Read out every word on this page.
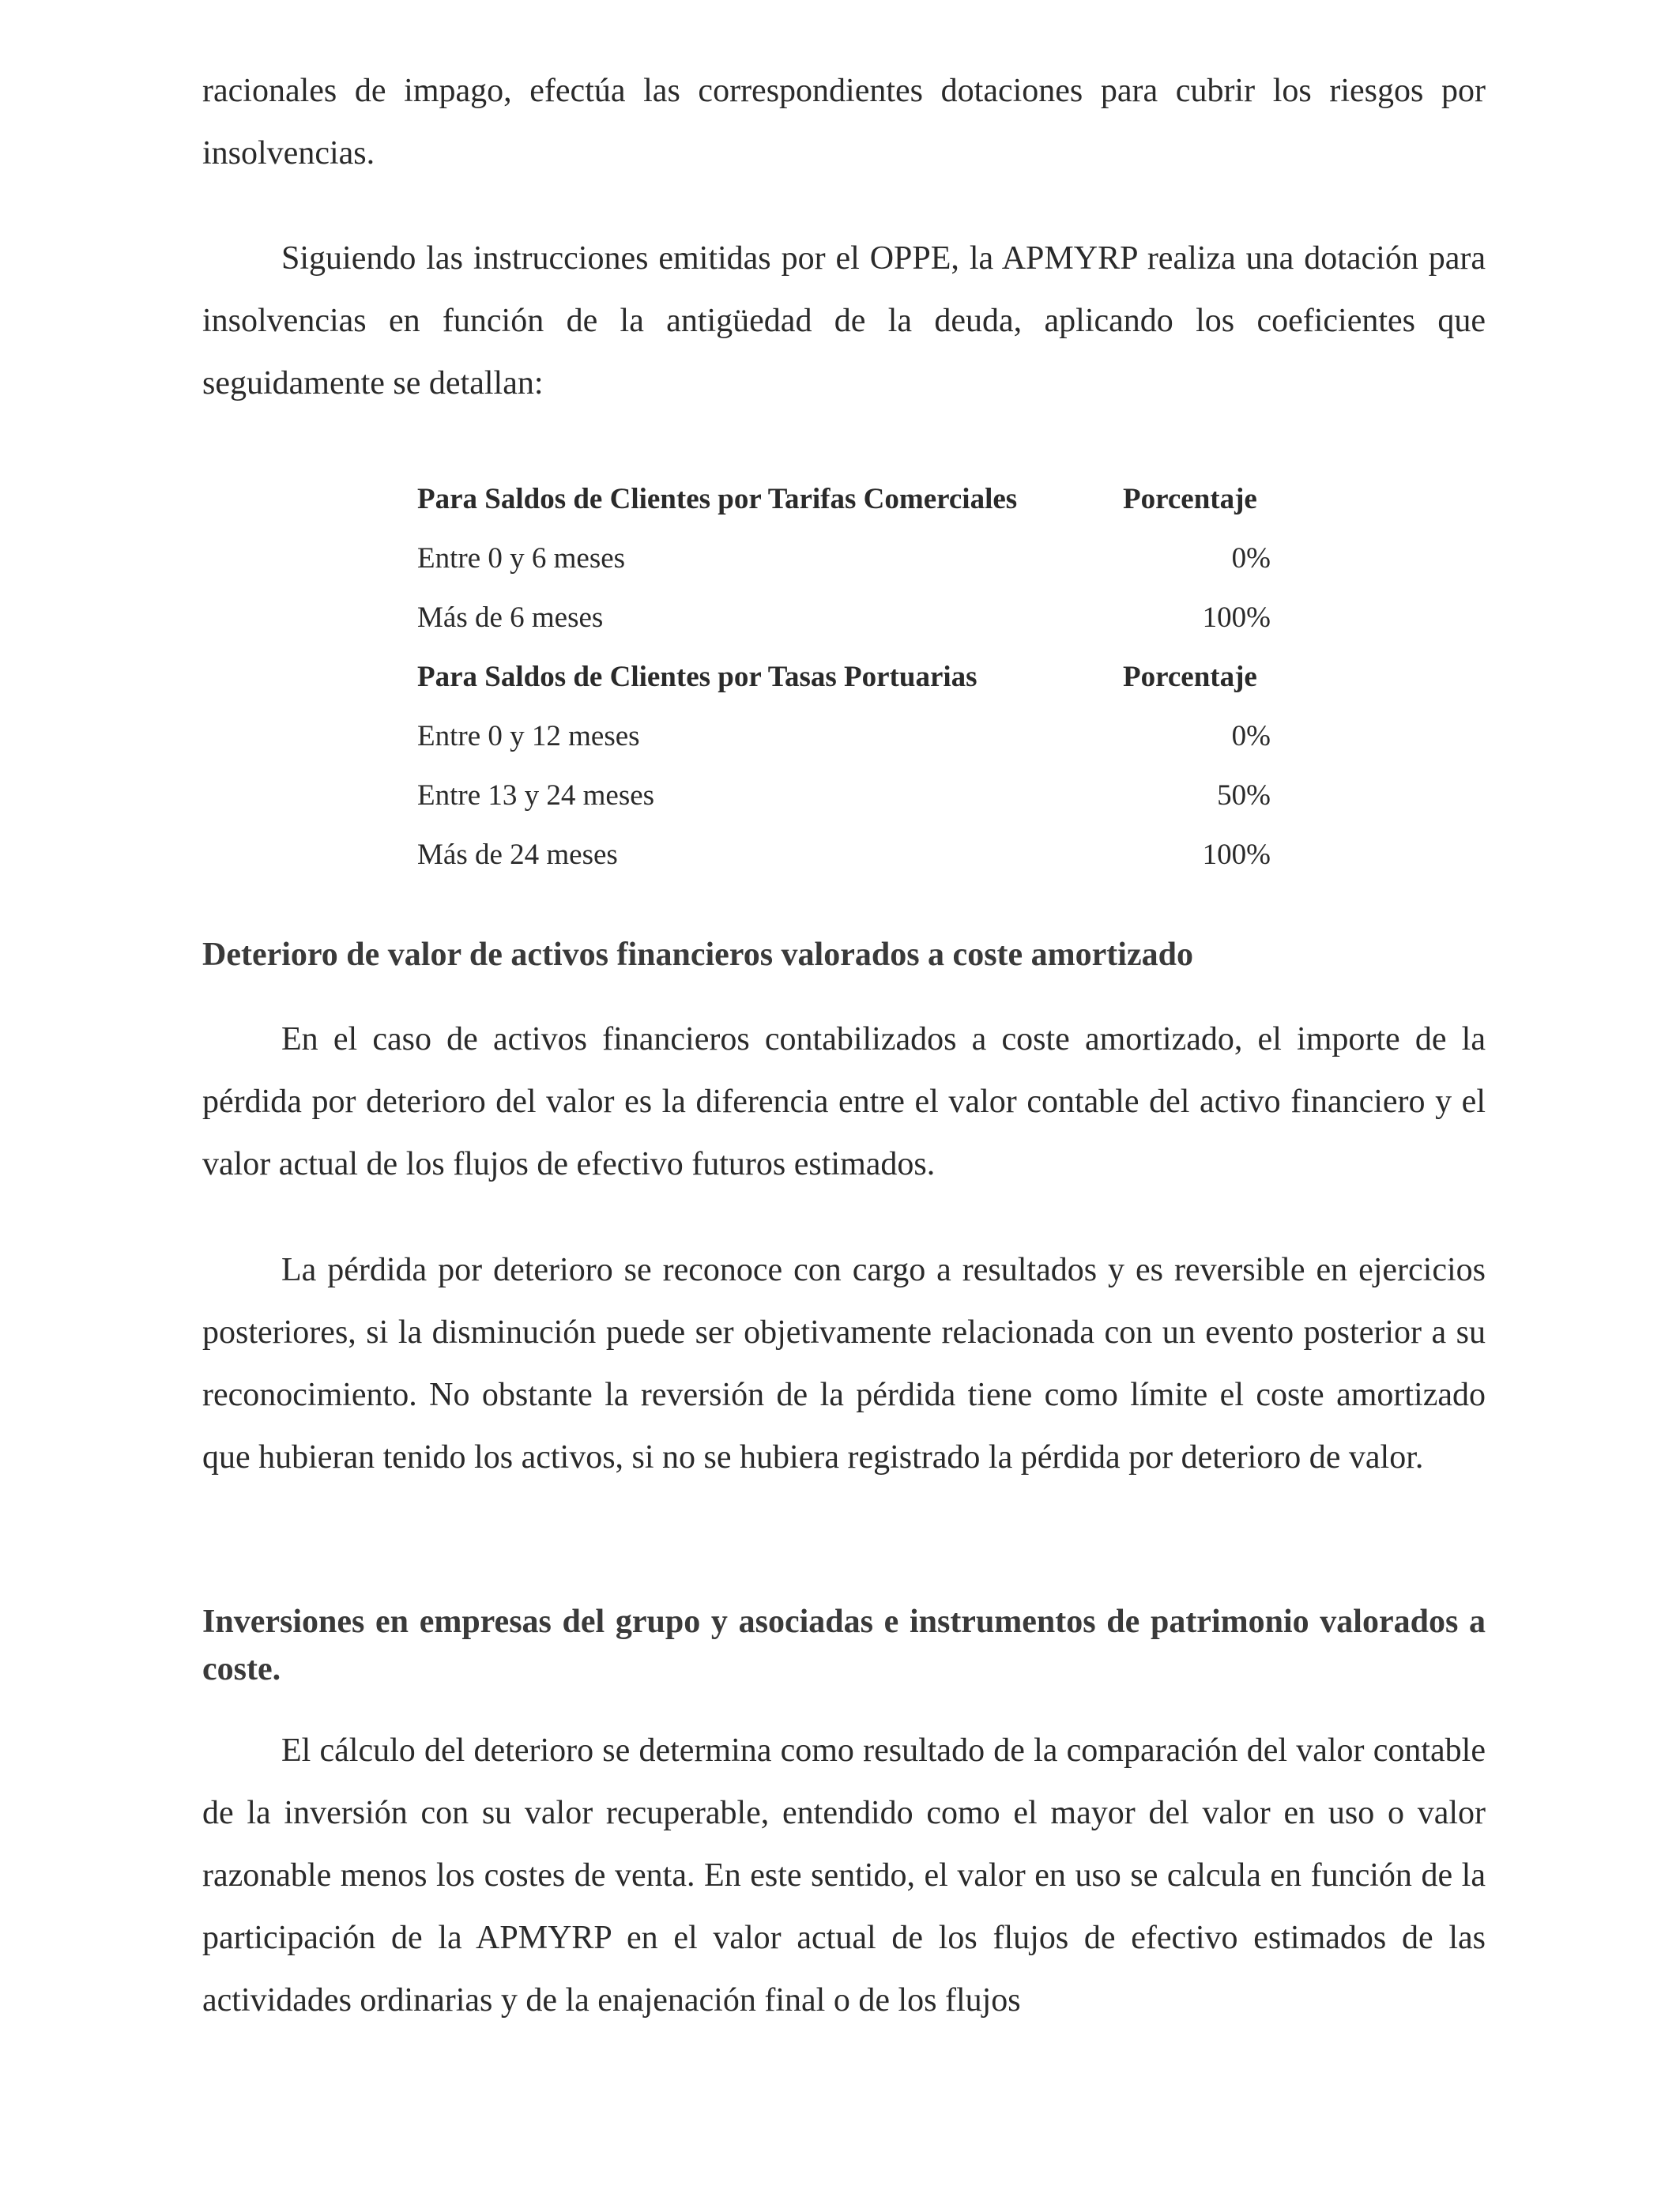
racionales de impago, efectúa las correspondientes dotaciones para cubrir los riesgos por insolvencias.

Siguiendo las instrucciones emitidas por el OPPE, la APMYRP realiza una dotación para insolvencias en función de la antigüedad de la deuda, aplicando los coeficientes que seguidamente se detallan:

Para Saldos de Clientes por Tarifas Comerciales	Porcentaje
Entre 0 y 6 meses	0%
Más de 6 meses	100%
Para Saldos de Clientes por Tasas Portuarias	Porcentaje
Entre 0 y 12 meses	0%
Entre 13 y 24 meses	50%
Más de 24 meses	100%
Deterioro de valor de activos financieros valorados a coste amortizado

En el caso de activos financieros contabilizados a coste amortizado, el importe de la pérdida por deterioro del valor es la diferencia entre el valor contable del activo financiero y el valor actual de los flujos de efectivo futuros estimados.

La pérdida por deterioro se reconoce con cargo a resultados y es reversible en ejercicios posteriores, si la disminución puede ser objetivamente relacionada con un evento posterior a su reconocimiento. No obstante la reversión de la pérdida tiene como límite el coste amortizado que hubieran tenido los activos, si no se hubiera registrado la pérdida por deterioro de valor.

Inversiones en empresas del grupo y asociadas e instrumentos de patrimonio valorados a coste.

El cálculo del deterioro se determina como resultado de la comparación del valor contable de la inversión con su valor recuperable, entendido como el mayor del valor en uso o valor razonable menos los costes de venta. En este sentido, el valor en uso se calcula en función de la participación de la APMYRP en el valor actual de los flujos de efectivo estimados de las actividades ordinarias y de la enajenación final o de los flujos
